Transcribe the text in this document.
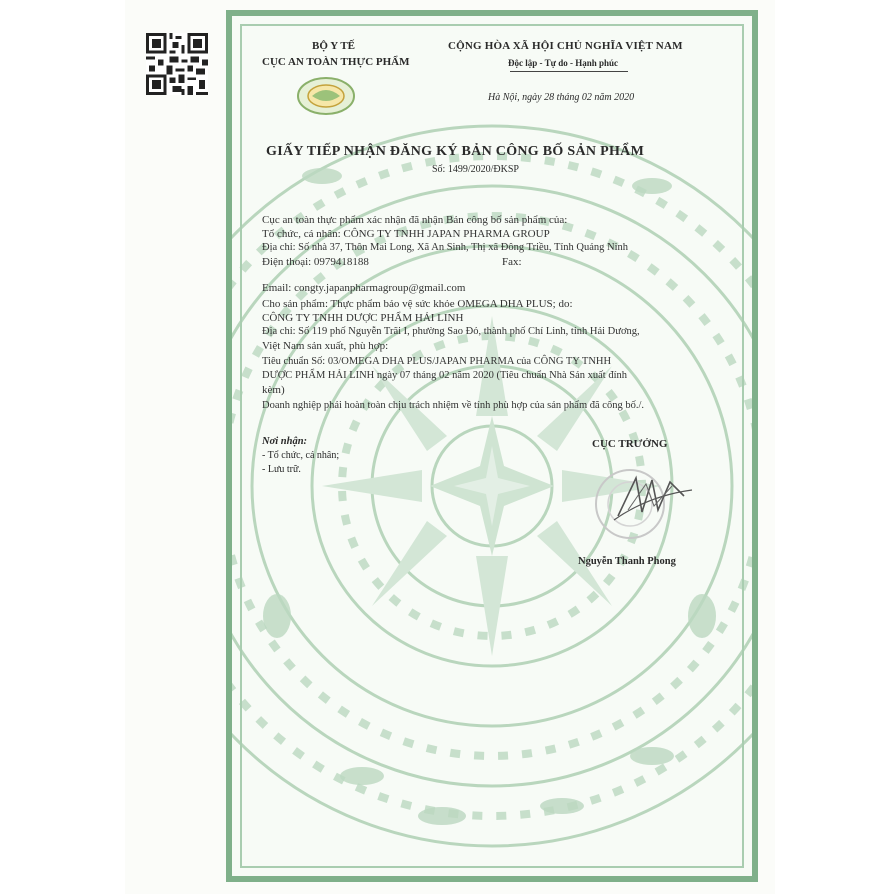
BỘ Y TẾ
CỤC AN TOÀN THỰC PHẨM
CỘNG HÒA XÃ HỘI CHỦ NGHĨA VIỆT NAM
Độc lập - Tự do - Hạnh phúc
Hà Nội, ngày 28 tháng 02 năm 2020
GIẤY TIẾP NHẬN ĐĂNG KÝ BẢN CÔNG BỐ SẢN PHẨM
Số: 1499/2020/ĐKSP
Cục an toàn thực phẩm xác nhận đã nhận Bản công bố sản phẩm của:
Tổ chức, cá nhân: CÔNG TY TNHH JAPAN PHARMA GROUP
Địa chỉ: Số nhà 37, Thôn Mai Long, Xã An Sinh, Thị xã Đông Triều, Tỉnh Quảng Ninh
Điện thoại: 0979418188	Fax:
Email: congty.japanpharmagroup@gmail.com
Cho sản phẩm: Thực phẩm bảo vệ sức khỏe OMEGA DHA PLUS; do:
CÔNG TY TNHH DƯỢC PHẨM HẢI LINH
Địa chỉ: Số 119 phố Nguyễn Trãi I, phường Sao Đỏ, thành phố Chí Linh, tỉnh Hải Dương,
Việt Nam sản xuất, phù hợp:
Tiêu chuẩn Số: 03/OMEGA DHA PLUS/JAPAN PHARMA của CÔNG TY TNHH
DƯỢC PHẨM HẢI LINH ngày 07 tháng 02 năm 2020 (Tiêu chuẩn Nhà Sản xuất đính
kèm)
Doanh nghiệp phải hoàn toàn chịu trách nhiệm về tính phù hợp của sản phẩm đã công bố./.
Nơi nhận:
- Tổ chức, cá nhân;
- Lưu trữ.
CỤC TRƯỞNG
Nguyễn Thanh Phong
